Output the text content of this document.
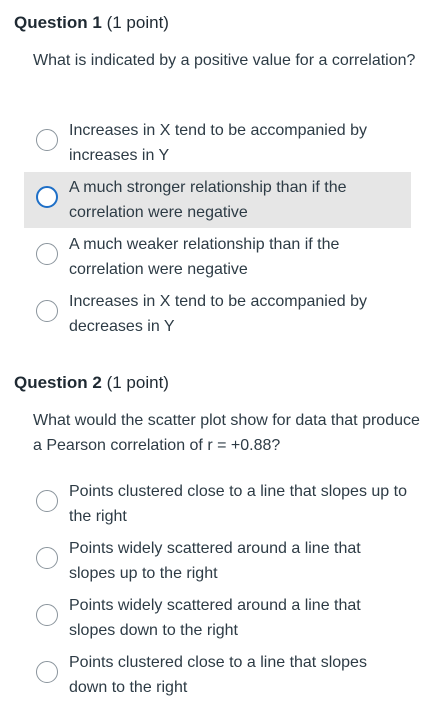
Question 1 (1 point)
What is indicated by a positive value for a correlation?
Increases in X tend to be accompanied by increases in Y
A much stronger relationship than if the correlation were negative
A much weaker relationship than if the correlation were negative
Increases in X tend to be accompanied by decreases in Y
Question 2 (1 point)
What would the scatter plot show for data that produce a Pearson correlation of r = +0.88?
Points clustered close to a line that slopes up to the right
Points widely scattered around a line that slopes up to the right
Points widely scattered around a line that slopes down to the right
Points clustered close to a line that slopes down to the right
